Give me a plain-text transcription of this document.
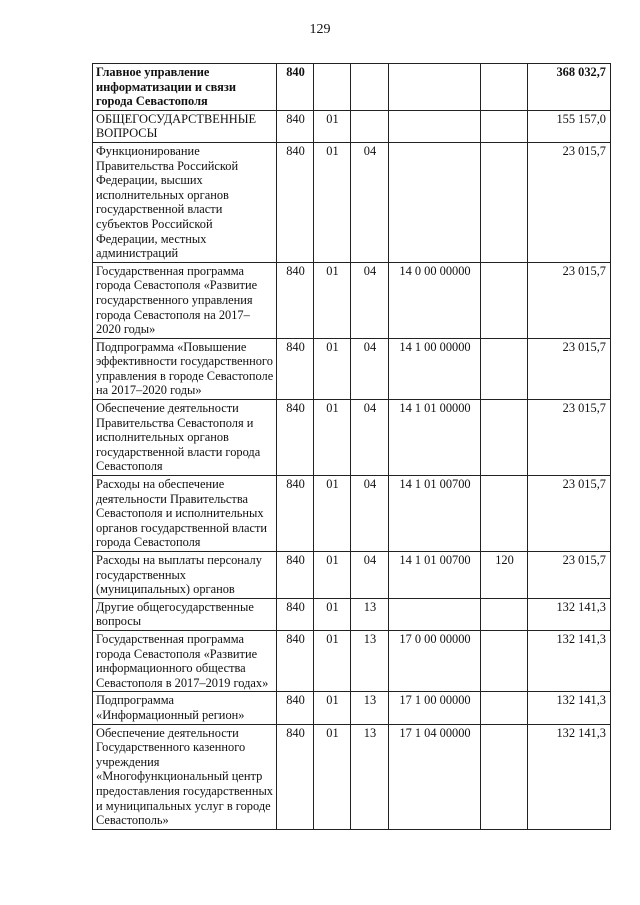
129
Главное управление информатизации и связи города Севастополя	840					368 032,7
ОБЩЕГОСУДАРСТВЕННЫЕ ВОПРОСЫ	840	01				155 157,0
Функционирование Правительства Российской Федерации, высших исполнительных органов государственной власти субъектов Российской Федерации, местных администраций	840	01	04			23 015,7
Государственная программа города Севастополя «Развитие государственного управления города Севастополя на 2017–2020 годы»	840	01	04	14 0 00 00000		23 015,7
Подпрограмма «Повышение эффективности государственного управления в городе Севастополе на 2017–2020 годы»	840	01	04	14 1 00 00000		23 015,7
Обеспечение деятельности Правительства Севастополя и исполнительных органов государственной власти города Севастополя	840	01	04	14 1 01 00000		23 015,7
Расходы на обеспечение деятельности Правительства Севастополя и исполнительных органов государственной власти города Севастополя	840	01	04	14 1 01 00700		23 015,7
Расходы на выплаты персоналу государственных (муниципальных) органов	840	01	04	14 1 01 00700	120	23 015,7
Другие общегосударственные вопросы	840	01	13			132 141,3
Государственная программа города Севастополя «Развитие информационного общества Севастополя в 2017–2019 годах»	840	01	13	17 0 00 00000		132 141,3
Подпрограмма «Информационный регион»	840	01	13	17 1 00 00000		132 141,3
Обеспечение деятельности Государственного казенного учреждения «Многофункциональный центр предоставления государственных и муниципальных услуг в городе Севастополь»	840	01	13	17 1 04 00000		132 141,3
